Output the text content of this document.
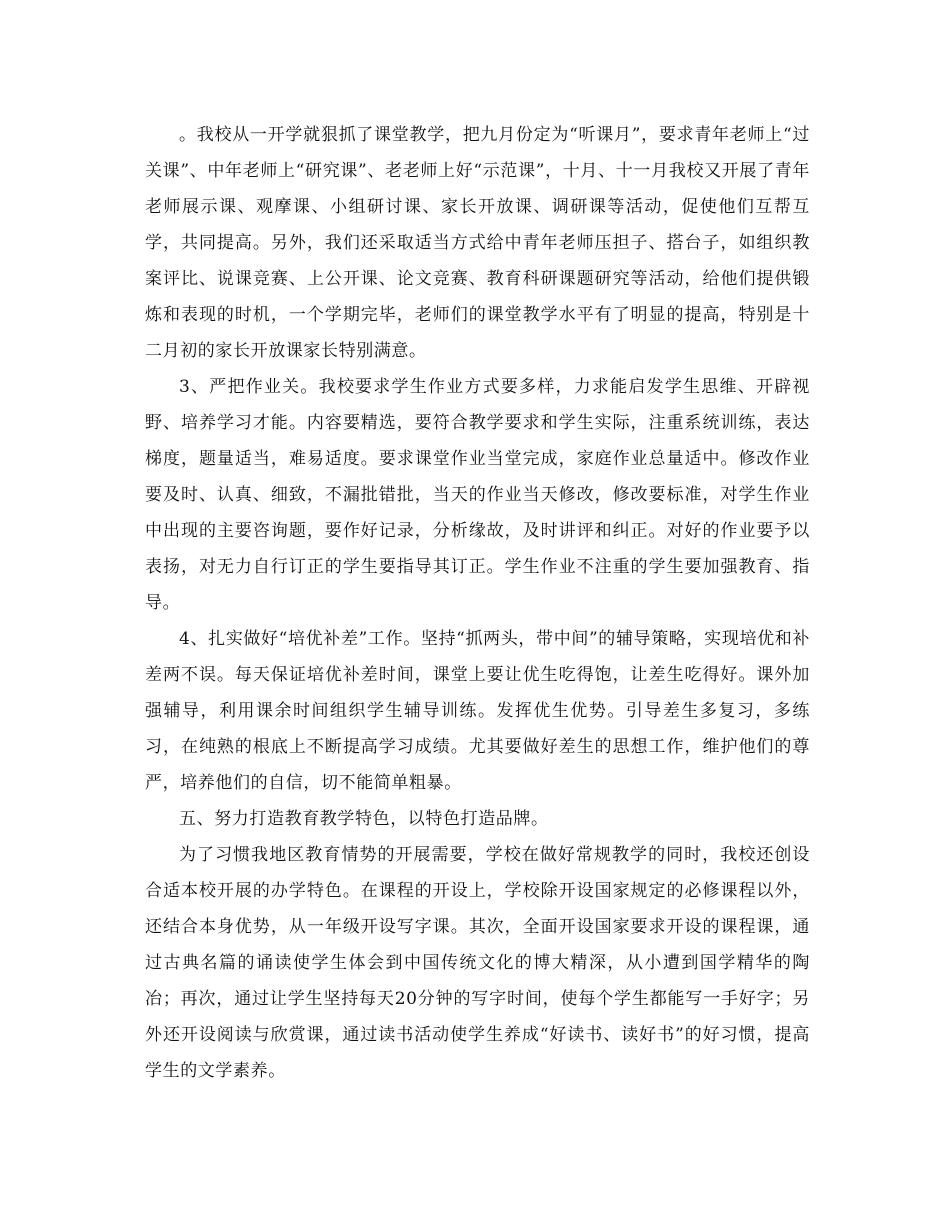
。我校从一开学就狠抓了课堂教学，把九月份定为“听课月”，要求青年老师上“过关课”、中年老师上“研究课”、老老师上好“示范课”，十月、十一月我校又开展了青年老师展示课、观摩课、小组研讨课、家长开放课、调研课等活动，促使他们互帮互学，共同提高。另外，我们还采取适当方式给中青年老师压担子、搭台子，如组织教案评比、说课竞赛、上公开课、论文竞赛、教育科研课题研究等活动，给他们提供锻炼和表现的时机，一个学期完毕，老师们的课堂教学水平有了明显的提高，特别是十二月初的家长开放课家长特别满意。

3、严把作业关。我校要求学生作业方式要多样，力求能启发学生思维、开辟视野、培养学习才能。内容要精选，要符合教学要求和学生实际，注重系统训练，表达梯度，题量适当，难易适度。要求课堂作业当堂完成，家庭作业总量适中。修改作业要及时、认真、细致，不漏批错批，当天的作业当天修改，修改要标准，对学生作业中出现的主要咨询题，要作好记录，分析缘故，及时讲评和纠正。对好的作业要予以表扬，对无力自行订正的学生要指导其订正。学生作业不注重的学生要加强教育、指导。

4、扎实做好“培优补差”工作。坚持“抓两头，带中间”的辅导策略，实现培优和补差两不误。每天保证培优补差时间，课堂上要让优生吃得饱，让差生吃得好。课外加强辅导，利用课余时间组织学生辅导训练。发挥优生优势。引导差生多复习，多练习，在纯熟的根底上不断提高学习成绩。尤其要做好差生的思想工作，维护他们的尊严，培养他们的自信，切不能简单粗暴。

五、努力打造教育教学特色，以特色打造品牌。

为了习惯我地区教育情势的开展需要，学校在做好常规教学的同时，我校还创设合适本校开展的办学特色。在课程的开设上，学校除开设国家规定的必修课程以外，还结合本身优势，从一年级开设写字课。其次，全面开设国家要求开设的课程课，通过古典名篇的诵读使学生体会到中国传统文化的博大精深，从小遭到国学精华的陶冶；再次，通过让学生坚持每天20分钟的写字时间，使每个学生都能写一手好字；另外还开设阅读与欣赏课，通过读书活动使学生养成“好读书、读好书”的好习惯，提高学生的文学素养。
